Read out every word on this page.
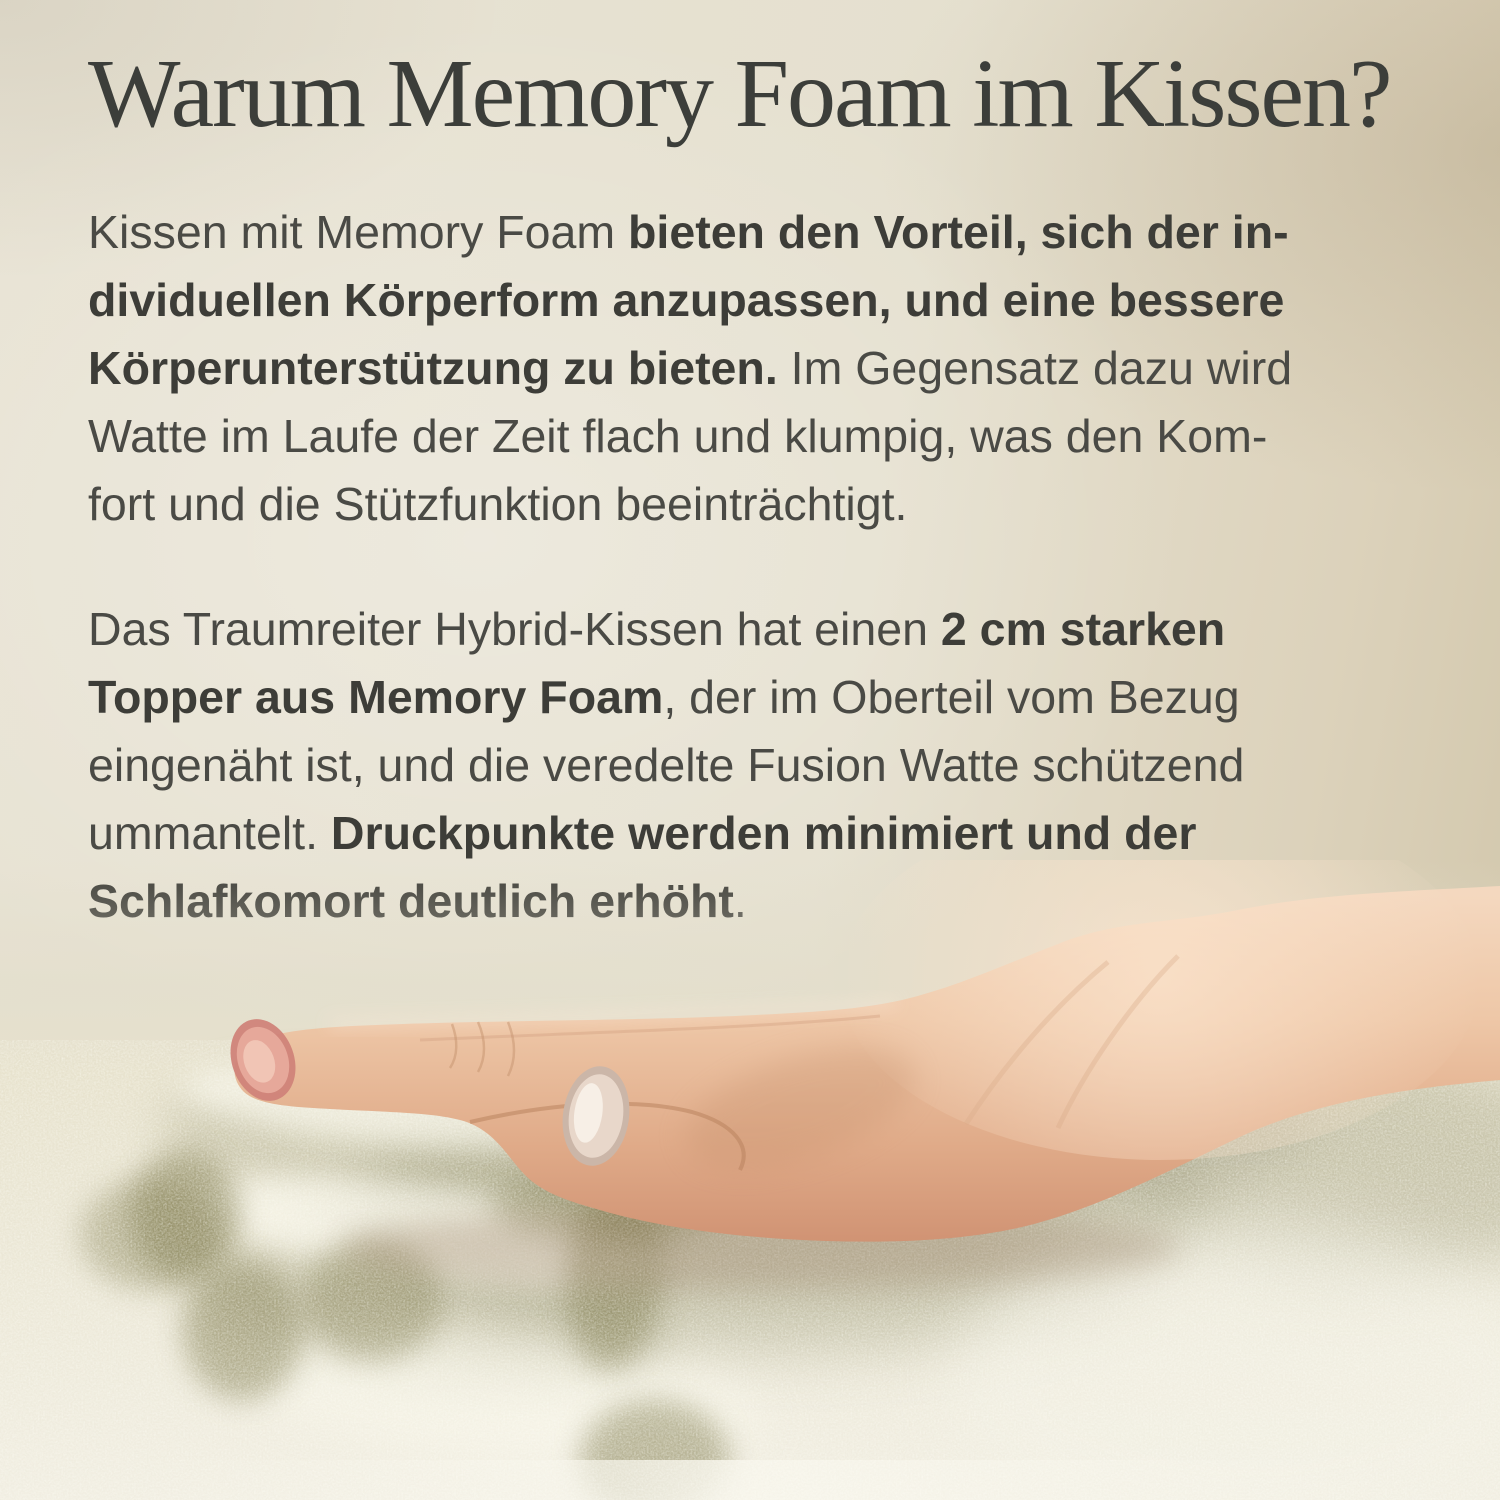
Warum Memory Foam im Kissen?
Kissen mit Memory Foam bieten den Vorteil, sich der in-
dividuellen Körperform anzupassen, und eine bessere
Körperunterstützung zu bieten. Im Gegensatz dazu wird
Watte im Laufe der Zeit flach und klumpig, was den Kom-
fort und die Stützfunktion beeinträchtigt.
Das Traumreiter Hybrid-Kissen hat einen 2 cm starken
Topper aus Memory Foam, der im Oberteil vom Bezug
eingenäht ist, und die veredelte Fusion Watte schützend
ummantelt. Druckpunkte werden minimiert und der
